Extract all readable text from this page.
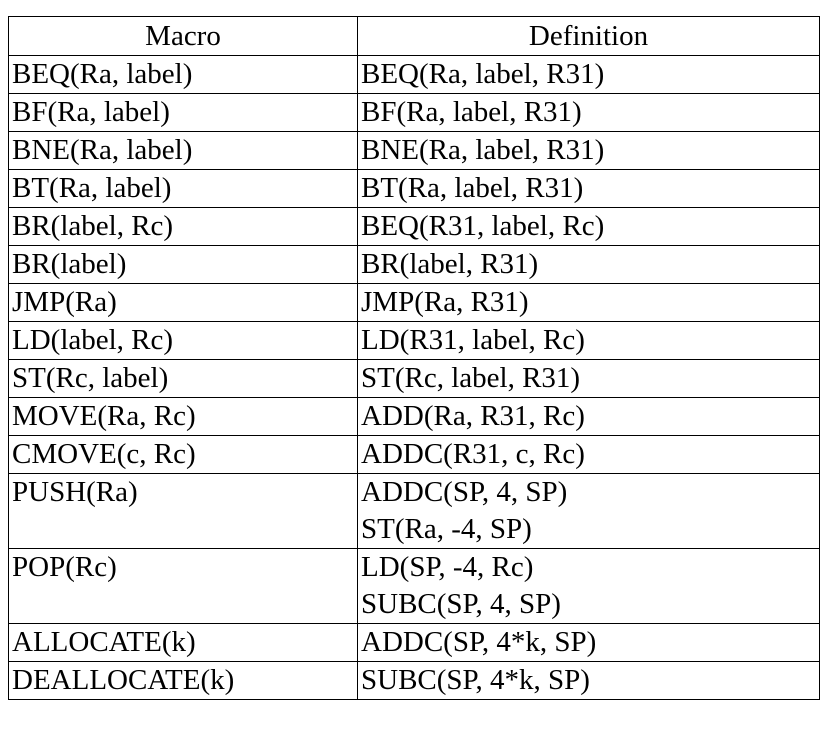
Macro	Definition

BEQ(Ra, label)	BEQ(Ra, label, R31)

BF(Ra, label)	BF(Ra, label, R31)

BNE(Ra, label)	BNE(Ra, label, R31)

BT(Ra, label)	BT(Ra, label, R31)

BR(label, Rc)	BEQ(R31, label, Rc)

BR(label)	BR(label, R31)

JMP(Ra)	JMP(Ra, R31)

LD(label, Rc)	LD(R31, label, Rc)

ST(Rc, label)	ST(Rc, label, R31)

MOVE(Ra, Rc)	ADD(Ra, R31, Rc)

CMOVE(c, Rc)	ADDC(R31, c, Rc)

PUSH(Ra)	ADDC(SP, 4, SP)
ST(Ra, -4, SP)

POP(Rc)	LD(SP, -4, Rc)
SUBC(SP, 4, SP)

ALLOCATE(k)	ADDC(SP, 4*k, SP)

DEALLOCATE(k)	SUBC(SP, 4*k, SP)
